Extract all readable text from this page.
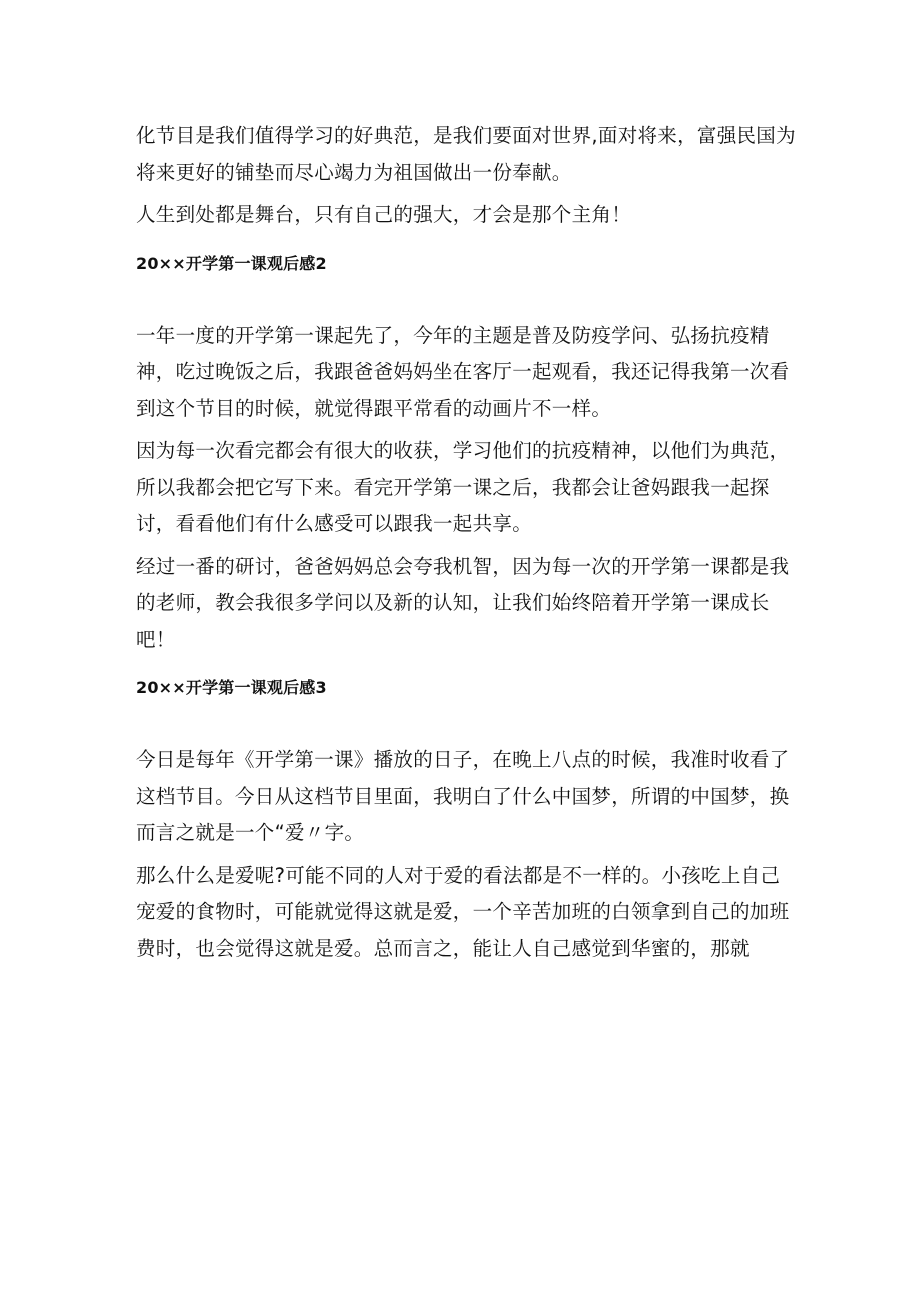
化节目是我们值得学习的好典范，是我们要面对世界,面对将来，富强民国为将来更好的铺垫而尽心竭力为祖国做出一份奉献。

人生到处都是舞台，只有自己的强大，才会是那个主角！

20××开学第一课观后感2

一年一度的开学第一课起先了，今年的主题是普及防疫学问、弘扬抗疫精神，吃过晚饭之后，我跟爸爸妈妈坐在客厅一起观看，我还记得我第一次看到这个节目的时候，就觉得跟平常看的动画片不一样。

因为每一次看完都会有很大的收获，学习他们的抗疫精神，以他们为典范，所以我都会把它写下来。看完开学第一课之后，我都会让爸妈跟我一起探讨，看看他们有什么感受可以跟我一起共享。

经过一番的研讨，爸爸妈妈总会夸我机智，因为每一次的开学第一课都是我的老师，教会我很多学问以及新的认知，让我们始终陪着开学第一课成长吧！

20××开学第一课观后感3

今日是每年《开学第一课》播放的日子，在晚上八点的时候，我准时收看了这档节目。今日从这档节目里面，我明白了什么中国梦，所谓的中国梦，换而言之就是一个“爱〃字。

那么什么是爱呢?可能不同的人对于爱的看法都是不一样的。小孩吃上自己宠爱的食物时，可能就觉得这就是爱，一个辛苦加班的白领拿到自己的加班费时，也会觉得这就是爱。总而言之，能让人自己感觉到华蜜的，那就
